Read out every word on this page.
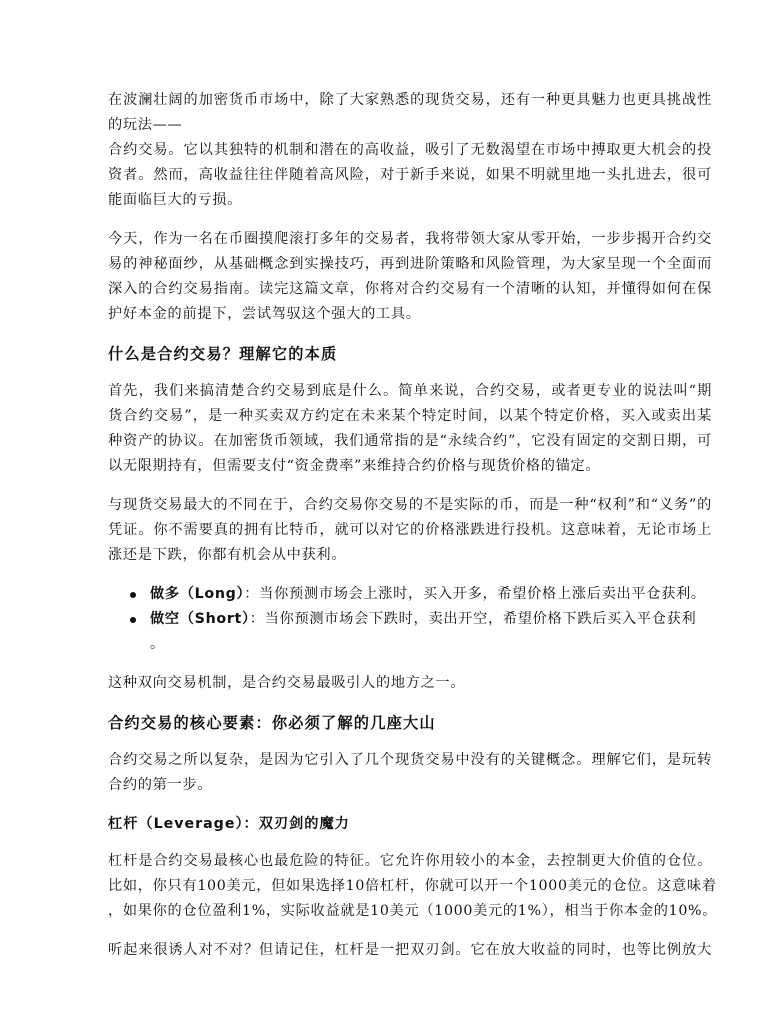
在波澜壮阔的加密货币市场中，除了大家熟悉的现货交易，还有一种更具魅力也更具挑战性
的玩法——
合约交易。它以其独特的机制和潜在的高收益，吸引了无数渴望在市场中搏取更大机会的投
资者。然而，高收益往往伴随着高风险，对于新手来说，如果不明就里地一头扎进去，很可
能面临巨大的亏损。
今天，作为一名在币圈摸爬滚打多年的交易者，我将带领大家从零开始，一步步揭开合约交
易的神秘面纱，从基础概念到实操技巧，再到进阶策略和风险管理，为大家呈现一个全面而
深入的合约交易指南。读完这篇文章，你将对合约交易有一个清晰的认知，并懂得如何在保
护好本金的前提下，尝试驾驭这个强大的工具。
什么是合约交易？理解它的本质
首先，我们来搞清楚合约交易到底是什么。简单来说，合约交易，或者更专业的说法叫“期
货合约交易”，是一种买卖双方约定在未来某个特定时间，以某个特定价格，买入或卖出某
种资产的协议。在加密货币领域，我们通常指的是“永续合约”，它没有固定的交割日期，可
以无限期持有，但需要支付“资金费率”来维持合约价格与现货价格的锚定。
与现货交易最大的不同在于，合约交易你交易的不是实际的币，而是一种“权利”和“义务”的
凭证。你不需要真的拥有比特币，就可以对它的价格涨跌进行投机。这意味着，无论市场上
涨还是下跌，你都有机会从中获利。
做多（Long）：当你预测市场会上涨时，买入开多，希望价格上涨后卖出平仓获利。
做空（Short）：当你预测市场会下跌时，卖出开空，希望价格下跌后买入平仓获利
。
这种双向交易机制，是合约交易最吸引人的地方之一。
合约交易的核心要素：你必须了解的几座大山
合约交易之所以复杂，是因为它引入了几个现货交易中没有的关键概念。理解它们，是玩转
合约的第一步。
杠杆（Leverage）：双刃剑的魔力
杠杆是合约交易最核心也最危险的特征。它允许你用较小的本金，去控制更大价值的仓位。
比如，你只有100美元，但如果选择10倍杠杆，你就可以开一个1000美元的仓位。这意味着
，如果你的仓位盈利1%，实际收益就是10美元（1000美元的1%），相当于你本金的10%。
听起来很诱人对不对？但请记住，杠杆是一把双刃剑。它在放大收益的同时，也等比例放大
